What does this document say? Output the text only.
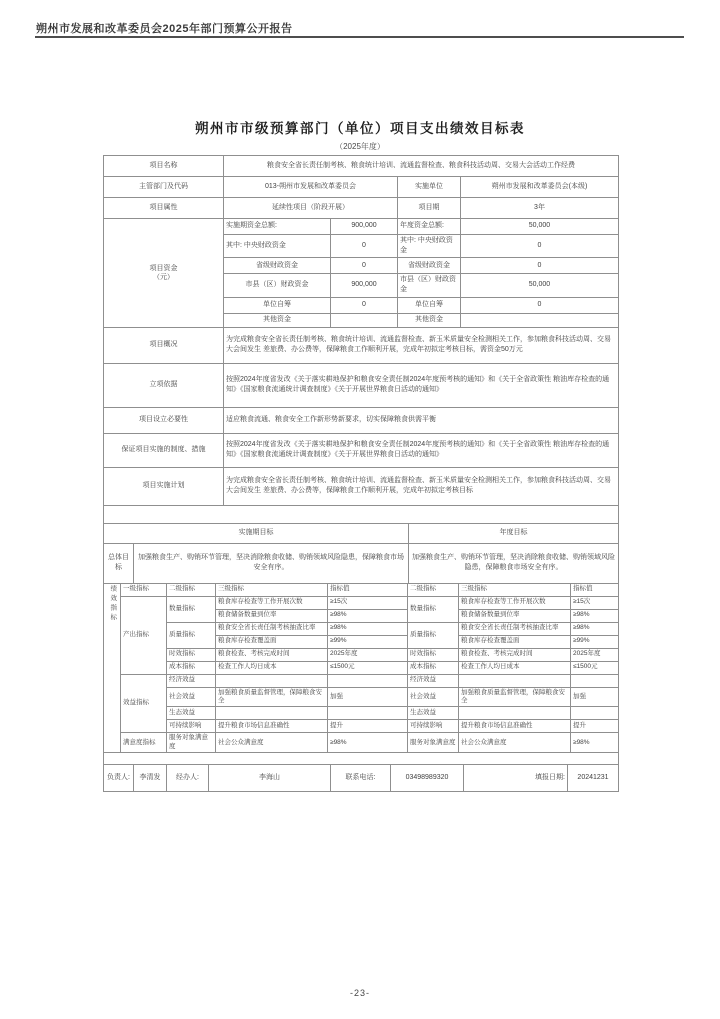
朔州市发展和改革委员会2025年部门预算公开报告
朔州市市级预算部门（单位）项目支出绩效目标表
（2025年度）
项目名称	粮食安全省长责任制考核、粮食统计培训、流通监督检查、粮食科技活动周、交易大会活动工作经费		
主管部门及代码	013-朔州市发展和改革委员会	实施单位	朔州市发展和改革委员会(本级)
项目属性	延续性项目（阶段开展）	项目期	3年
项目资金
（元）	实施期资金总额:	900,000	年度资金总额:	50,000
	其中: 中央财政资金	0	其中: 中央财政资金	0
	省级财政资金	0	省级财政资金	0
	市县（区）财政资金	900,000	市县（区）财政资金	50,000
	单位自筹	0	单位自筹	0
	其他资金		其他资金	
项目概况	为完成粮食安全省长责任制考核、粮食统计培训、流通监督检查、新玉米质量安全检测相关工作，参加粮食科技活动周、交易大会间发生 差旅费、办公费等，保障粮食工作顺利开展，完成年初拟定考核目标，需资金50万元
立项依据	按照2024年度省发改《关于落实耕地保护和粮食安全责任制2024年度预考核的通知》和《关于全省政策性 粮油库存检查的通知》《国家粮食流通统计调查制度》《关于开展世界粮食日活动的通知》
项目设立必要性	适应粮食流通、粮食安全工作新形势新要求，切实保障粮食供需平衡
保证项目实施的制度、措施	按照2024年度省发改《关于落实耕地保护和粮食安全责任制2024年度预考核的通知》和《关于全省政策性 粮油库存检查的通知》《国家粮食流通统计调查制度》《关于开展世界粮食日活动的通知》
项目实施计划	为完成粮食安全省长责任制考核、粮食统计培训、流通监督检查、新玉米质量安全检测相关工作，参加粮食科技活动周、交易大会间发生 差旅费、办公费等，保障粮食工作顺利开展，完成年初拟定考核目标

实施期目标		年度目标
总体目标	加强粮食生产、购销环节管理，坚决消除粮食收储、购销领域风险隐患，保障粮食市场安全有序。	加强粮食生产、购销环节管理，坚决消除粮食收储、购销领域风险隐患，保障粮食市场安全有序。
绩效指标	一级指标	二级指标	三级指标	指标值	二级指标	三级指标	指标值
	产出指标	数量指标	粮食库存检查等工作开展次数	≥15次	数量指标	粮食库存检查等工作开展次数	≥15次
			粮食储备数量到位率	≥98%		粮食储备数量到位率	≥98%
		质量指标	粮食安全省长责任制考核抽查比率	≥98%	质量指标	粮食安全省长责任制考核抽查比率	≥98%
			粮食库存检查覆盖面	≥99%		粮食库存检查覆盖面	≥99%
		时效指标	粮食检查、考核完成时间	2025年度	时效指标	粮食检查、考核完成时间	2025年度
		成本指标	检查工作人均日成本	≤1500元	成本指标	检查工作人均日成本	≤1500元
	效益指标	经济效益			经济效益		
		社会效益	加强粮食质量监督管理，保障粮食安全	加强	社会效益	加强粮食质量监督管理，保障粮食安全	加强
		生态效益			生态效益		
		可持续影响	提升粮食市场信息准确性	提升	可持续影响	提升粮食市场信息准确性	提升
	满意度指标	服务对象满意度	社会公众满意度	≥98%	服务对象满意度	社会公众满意度	≥98%

负责人:	李清发	经办人:	李海山	联系电话:	03498989320	填报日期:	20241231
-23-
